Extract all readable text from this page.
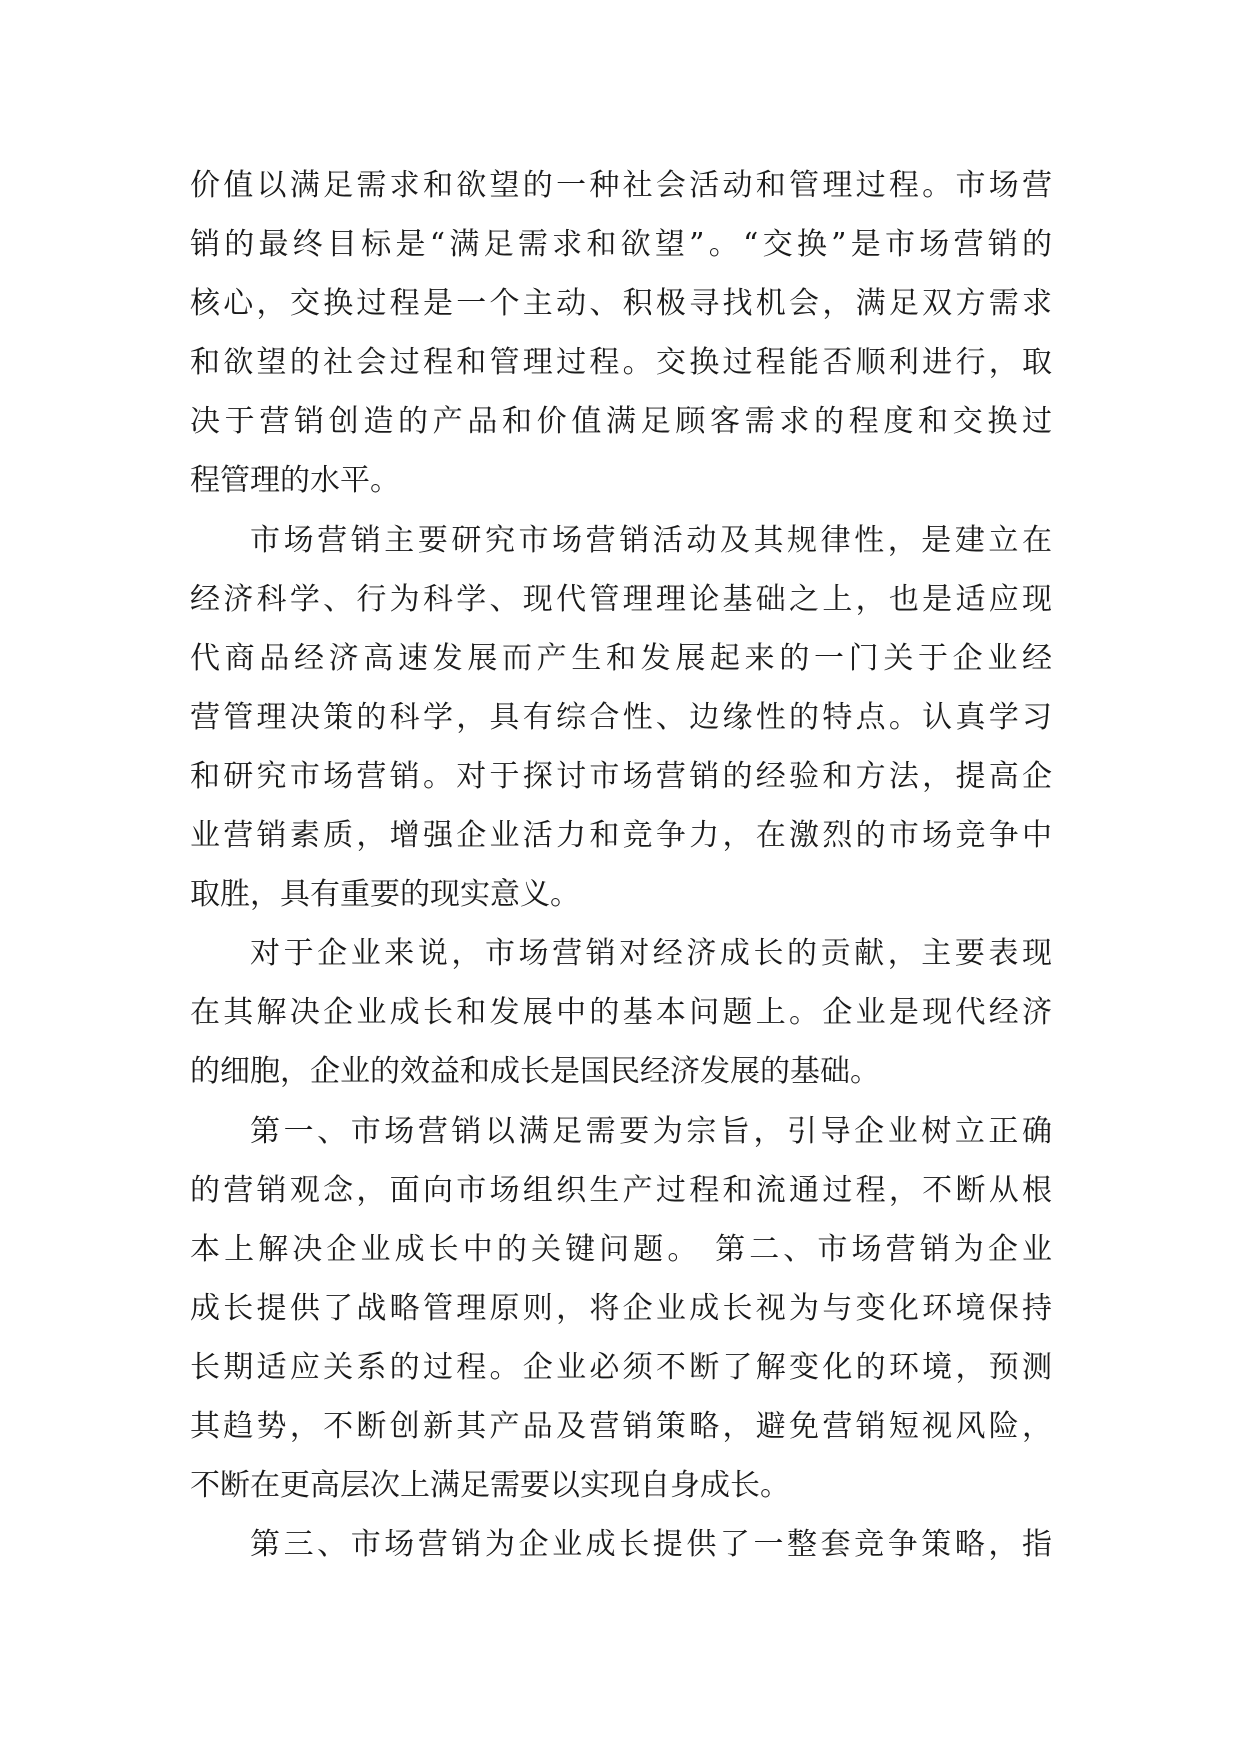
价值以满足需求和欲望的一种社会活动和管理过程。市场营
销的最终目标是“满足需求和欲望”。“交换”是市场营销的
核心，交换过程是一个主动、积极寻找机会，满足双方需求
和欲望的社会过程和管理过程。交换过程能否顺利进行，取
决于营销创造的产品和价值满足顾客需求的程度和交换过
程管理的水平。
市场营销主要研究市场营销活动及其规律性，是建立在
经济科学、行为科学、现代管理理论基础之上，也是适应现
代商品经济高速发展而产生和发展起来的一门关于企业经
营管理决策的科学，具有综合性、边缘性的特点。认真学习
和研究市场营销。对于探讨市场营销的经验和方法，提高企
业营销素质，增强企业活力和竞争力，在激烈的市场竞争中
取胜，具有重要的现实意义。
对于企业来说，市场营销对经济成长的贡献，主要表现
在其解决企业成长和发展中的基本问题上。企业是现代经济
的细胞，企业的效益和成长是国民经济发展的基础。
第一、市场营销以满足需要为宗旨，引导企业树立正确
的营销观念，面向市场组织生产过程和流通过程，不断从根
本上解决企业成长中的关键问题。 第二、市场营销为企业
成长提供了战略管理原则，将企业成长视为与变化环境保持
长期适应关系的过程。企业必须不断了解变化的环境，预测
其趋势，不断创新其产品及营销策略，避免营销短视风险，
不断在更高层次上满足需要以实现自身成长。
第三、市场营销为企业成长提供了一整套竞争策略，指
